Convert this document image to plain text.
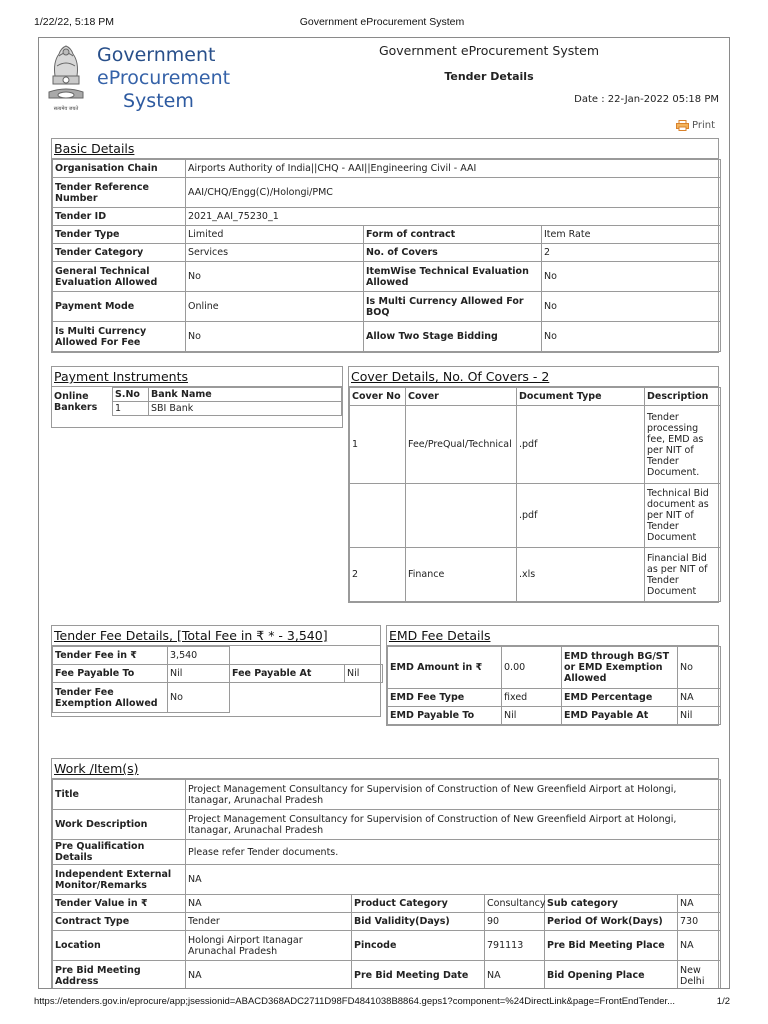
1/22/22, 5:18 PM	Government eProcurement System
सत्यमेव जयते
Government
eProcurement
System
Government eProcurement System
Tender Details
Date : 22-Jan-2022 05:18 PM
Print
Basic Details
Organisation Chain	Airports Authority of India||CHQ - AAI||Engineering Civil - AAI		
Tender Reference Number	AAI/CHQ/Engg(C)/Holongi/PMC		
Tender ID	2021_AAI_75230_1		
Tender Type	Limited	Form of contract	Item Rate
Tender Category	Services	No. of Covers	2
General Technical Evaluation Allowed	No	ItemWise Technical Evaluation Allowed	No
Payment Mode	Online	Is Multi Currency Allowed For BOQ	No
Is Multi Currency Allowed For Fee	No	Allow Two Stage Bidding	No
Payment Instruments
Online Bankers	
S.No	Bank Name
1	SBI Bank
Cover Details, No. Of Covers - 2
Cover No	Cover	Document Type	Description
1	Fee/PreQual/Technical	.pdf	Tender processing fee, EMD as per NIT of Tender Document.
		.pdf	Technical Bid document as per NIT of Tender Document
2	Finance	.xls	Financial Bid as per NIT of Tender Document
Tender Fee Details, [Total Fee in ₹ * - 3,540]
Tender Fee in ₹	3,540		
Fee Payable To	Nil	Fee Payable At	Nil
Tender Fee Exemption Allowed	No		
EMD Fee Details
EMD Amount in ₹	0.00	EMD through BG/ST or EMD Exemption Allowed	No
EMD Fee Type	fixed	EMD Percentage	NA
EMD Payable To	Nil	EMD Payable At	Nil
Work /Item(s)
Title	Project Management Consultancy for Supervision of Construction of New Greenfield Airport at Holongi, Itanagar, Arunachal Pradesh				
Work Description	Project Management Consultancy for Supervision of Construction of New Greenfield Airport at Holongi, Itanagar, Arunachal Pradesh				
Pre Qualification Details	Please refer Tender documents.				
Independent External Monitor/Remarks	NA				
Tender Value in ₹	NA	Product Category	Consultancy	Sub category	NA
Contract Type	Tender	Bid Validity(Days)	90	Period Of Work(Days)	730
Location	Holongi Airport Itanagar Arunachal Pradesh	Pincode	791113	Pre Bid Meeting Place	NA
Pre Bid Meeting Address	NA	Pre Bid Meeting Date	NA	Bid Opening Place	New Delhi
https://etenders.gov.in/eprocure/app;jsessionid=ABACD368ADC2711D98FD4841038B8864.geps1?component=%24DirectLink&page=FrontEndTender...	1/2
